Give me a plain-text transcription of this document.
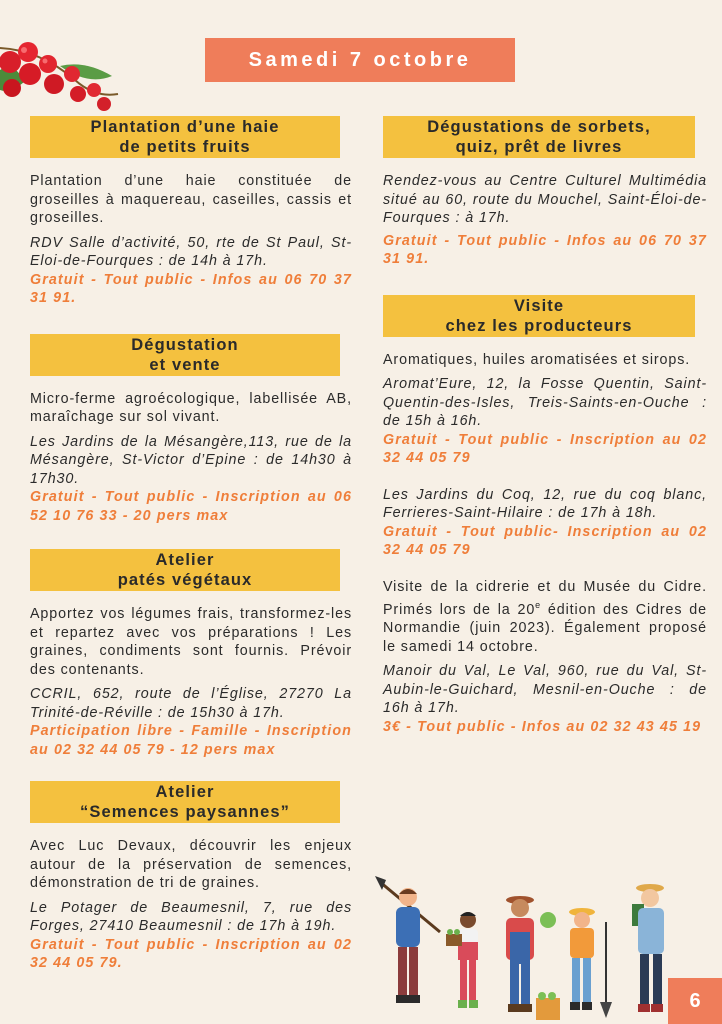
Samedi 7 octobre
Plantation d’une haie
de petits fruits
Plantation d’une haie constituée de groseilles à maquereau, caseilles, cassis et groseilles.
RDV Salle d’activité, 50, rte de St Paul, St-Eloi-de-Fourques : de 14h à 17h.
Gratuit - Tout public - Infos au 06 70 37 31 91.
Dégustation
et vente
Micro-ferme agroécologique, labellisée AB, maraîchage sur sol vivant.
Les Jardins de la Mésangère,113, rue de la Mésangère, St-Victor d’Epine : de 14h30 à 17h30.
Gratuit - Tout public - Inscription au 06 52 10 76 33 - 20 pers max
Atelier
patés végétaux
Apportez vos légumes frais, transformez-les et repartez avec vos préparations ! Les graines, condiments sont fournis. Prévoir des contenants.
CCRIL, 652, route de l’Église, 27270 La Trinité-de-Réville : de 15h30 à 17h.
Participation libre - Famille - Inscription au 02 32 44 05 79 - 12 pers max
Atelier
“Semences paysannes”
Avec Luc Devaux, découvrir les enjeux autour de la préservation de semences, démonstration de tri de graines.
Le Potager de Beaumesnil, 7, rue des Forges, 27410 Beaumesnil : de 17h à 19h.
Gratuit - Tout public - Inscription au 02 32 44 05 79.
Dégustations de sorbets,
quiz, prêt de livres
Rendez-vous au Centre Culturel Multimédia situé au 60, route du Mouchel, Saint-Éloi-de-Fourques : à 17h.
Gratuit - Tout public - Infos au 06 70 37 31 91.
Visite
chez les producteurs
Aromatiques, huiles aromatisées et sirops.
Aromat’Eure, 12, la Fosse Quentin, Saint-Quentin-des-Isles, Treis-Saints-en-Ouche : de 15h à 16h.
Gratuit - Tout public - Inscription au 02 32 44 05 79
Les Jardins du Coq, 12, rue du coq blanc, Ferrieres-Saint-Hilaire : de 17h à 18h.
Gratuit - Tout public- Inscription au 02 32 44 05 79
Visite de la cidrerie et du Musée du Cidre. Primés lors de la 20e édition des Cidres de Normandie (juin 2023). Également proposé le samedi 14 octobre.
Manoir du Val, Le Val, 960, rue du Val, St-Aubin-le-Guichard, Mesnil-en-Ouche : de 16h à 17h.
3€ - Tout public - Infos au 02 32 43 45 19
6
